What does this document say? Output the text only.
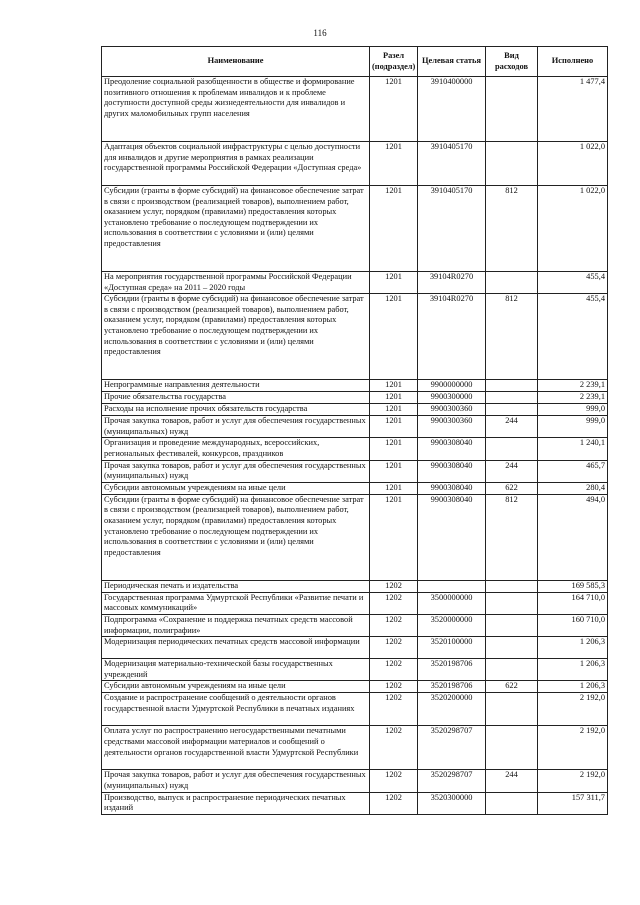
116
Наименование	Разел (подраздел)	Целевая статья	Вид расходов	Исполнено
Преодоление социальной разобщенности в обществе и формирование позитивного отношения к проблемам инвалидов и к проблеме доступности доступной среды жизнедеятельности для инвалидов и других маломобильных групп населения	1201	3910400000		1 477,4
Адаптация объектов социальной инфраструктуры с целью доступности для инвалидов и другие мероприятия в рамках реализации государственной программы Российской Федерации «Доступная среда»	1201	3910405170		1 022,0
Субсидии (гранты в форме субсидий) на финансовое обеспечение затрат в связи с производством (реализацией товаров), выполнением работ, оказанием услуг, порядком (правилами) предоставления которых установлено требование о последующем подтверждении их использования в соответствии с условиями и (или) целями предоставления	1201	3910405170	812	1 022,0
На мероприятия государственной программы Российской Федерации «Доступная среда» на 2011 – 2020 годы	1201	39104R0270		455,4
Субсидии (гранты в форме субсидий) на финансовое обеспечение затрат в связи с производством (реализацией товаров), выполнением работ, оказанием услуг, порядком (правилами) предоставления которых установлено требование о последующем подтверждении их использования в соответствии с условиями и (или) целями предоставления	1201	39104R0270	812	455,4
Непрограммные направления деятельности	1201	9900000000		2 239,1
Прочие обязательства государства	1201	9900300000		2 239,1
Расходы на исполнение прочих обязательств государства	1201	9900300360		999,0
Прочая закупка товаров, работ и услуг для обеспечения государственных (муниципальных) нужд	1201	9900300360	244	999,0
Организация и проведение международных, всероссийских, региональных фестивалей, конкурсов, праздников	1201	9900308040		1 240,1
Прочая закупка товаров, работ и услуг для обеспечения государственных (муниципальных) нужд	1201	9900308040	244	465,7
Субсидии автономным учреждениям на иные цели	1201	9900308040	622	280,4
Субсидии (гранты в форме субсидий) на финансовое обеспечение затрат в связи с производством (реализацией товаров), выполнением работ, оказанием услуг, порядком (правилами) предоставления которых установлено требование о последующем подтверждении их использования в соответствии с условиями и (или) целями предоставления	1201	9900308040	812	494,0
Периодическая печать и издательства	1202			169 585,3
Государственная программа Удмуртской Республики «Развитие печати и массовых коммуникаций»	1202	3500000000		164 710,0
Подпрограмма «Сохранение и поддержка печатных средств массовой информации, полиграфии»	1202	3520000000		160 710,0
Модернизация периодических печатных средств массовой информации	1202	3520100000		1 206,3
Модернизация материально-технической базы государственных учреждений	1202	3520198706		1 206,3
Субсидии автономным учреждениям на иные цели	1202	3520198706	622	1 206,3
Создание и распространение сообщений о деятельности органов государственной власти Удмуртской Республики в печатных изданиях	1202	3520200000		2 192,0
Оплата услуг по распространению негосударственными печатными средствами массовой информации материалов и сообщений о деятельности органов государственной власти Удмуртской Республики	1202	3520298707		2 192,0
Прочая закупка товаров, работ и услуг для обеспечения государственных (муниципальных) нужд	1202	3520298707	244	2 192,0
Производство, выпуск и распространение периодических печатных изданий	1202	3520300000		157 311,7
